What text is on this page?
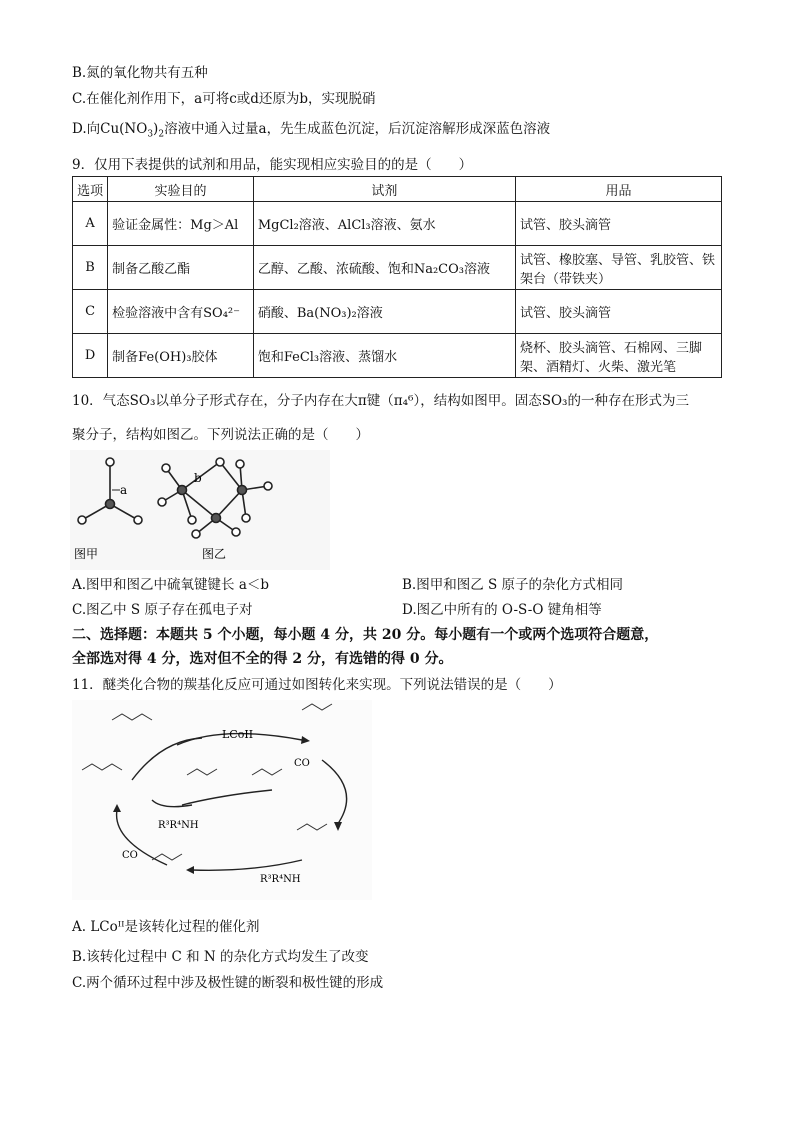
B.氮的氧化物共有五种
C.在催化剂作用下，a可将c或d还原为b，实现脱硝
D.向$Cu(NO_3)_2$溶液中通入过量a，先生成蓝色沉淀，后沉淀溶解形成深蓝色溶液
9．仅用下表提供的试剂和用品，能实现相应实验目的的是（　　）
选项	实验目的	试剂	用品
A	验证金属性：Mg＞Al	MgCl₂溶液、AlCl₃溶液、氨水	试管、胶头滴管
B	制备乙酸乙酯	乙醇、乙酸、浓硫酸、饱和Na₂CO₃溶液	试管、橡胶塞、导管、乳胶管、铁架台（带铁夹）
C	检验溶液中含有SO₄²⁻	硝酸、Ba(NO₃)₂溶液	试管、胶头滴管
D	制备Fe(OH)₃胶体	饱和FeCl₃溶液、蒸馏水	烧杯、胶头滴管、石棉网、三脚架、酒精灯、火柴、激光笔
10．气态SO₃以单分子形式存在，分子内存在大π键（π₄⁶），结构如图甲。固态SO₃的一种存在形式为三
聚分子，结构如图乙。下列说法正确的是（　　）
a
图甲
b
图乙
A.图甲和图乙中硫氧键键长 a＜b	B.图甲和图乙 S 原子的杂化方式相同
C.图乙中 S 原子存在孤电子对	D.图乙中所有的 O-S-O 键角相等
二、选择题：本题共 5 个小题，每小题 4 分，共 20 分。每小题有一个或两个选项符合题意，
全部选对得 4 分，选对但不全的得 2 分，有选错的得 0 分。
11．醚类化合物的羰基化反应可通过如图转化来实现。下列说法错误的是（　　）
LCoII
CO
CO
R³R⁴NH
R³R⁴NH
A. LCoᴵᴵ是该转化过程的催化剂
B.该转化过程中 C 和 N 的杂化方式均发生了改变
C.两个循环过程中涉及极性键的断裂和极性键的形成
